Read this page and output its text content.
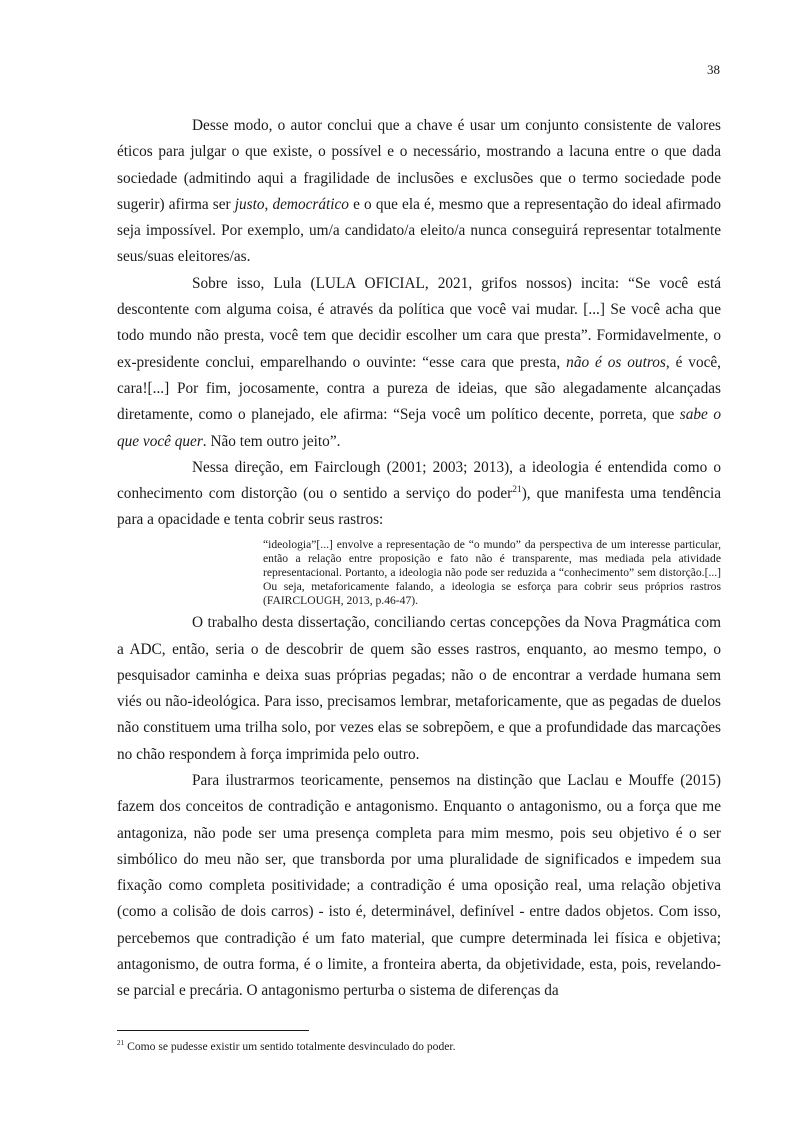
38

Desse modo, o autor conclui que a chave é usar um conjunto consistente de valores éticos para julgar o que existe, o possível e o necessário, mostrando a lacuna entre o que dada sociedade (admitindo aqui a fragilidade de inclusões e exclusões que o termo sociedade pode sugerir) afirma ser justo, democrático e o que ela é, mesmo que a representação do ideal afirmado seja impossível. Por exemplo, um/a candidato/a eleito/a nunca conseguirá representar totalmente seus/suas eleitores/as.

Sobre isso, Lula (LULA OFICIAL, 2021, grifos nossos) incita: “Se você está descontente com alguma coisa, é através da política que você vai mudar. [...] Se você acha que todo mundo não presta, você tem que decidir escolher um cara que presta”. Formidavelmente, o ex-presidente conclui, emparelhando o ouvinte: “esse cara que presta, não é os outros, é você, cara![...] Por fim, jocosamente, contra a pureza de ideias, que são alegadamente alcançadas diretamente, como o planejado, ele afirma: “Seja você um político decente, porreta, que sabe o que você quer. Não tem outro jeito”.

Nessa direção, em Fairclough (2001; 2003; 2013), a ideologia é entendida como o conhecimento com distorção (ou o sentido a serviço do poder$^{21}$), que manifesta uma tendência para a opacidade e tenta cobrir seus rastros:

“ideologia”[...] envolve a representação de “o mundo” da perspectiva de um interesse particular, então a relação entre proposição e fato não é transparente, mas mediada pela atividade representacional. Portanto, a ideologia não pode ser reduzida a “conhecimento” sem distorção.[...] Ou seja, metaforicamente falando, a ideologia se esforça para cobrir seus próprios rastros (FAIRCLOUGH, 2013, p.46-47).

O trabalho desta dissertação, conciliando certas concepções da Nova Pragmática com a ADC, então, seria o de descobrir de quem são esses rastros, enquanto, ao mesmo tempo, o pesquisador caminha e deixa suas próprias pegadas; não o de encontrar a verdade humana sem viés ou não-ideológica. Para isso, precisamos lembrar, metaforicamente, que as pegadas de duelos não constituem uma trilha solo, por vezes elas se sobrepõem, e que a profundidade das marcações no chão respondem à força imprimida pelo outro.

Para ilustrarmos teoricamente, pensemos na distinção que Laclau e Mouffe (2015) fazem dos conceitos de contradição e antagonismo. Enquanto o antagonismo, ou a força que me antagoniza, não pode ser uma presença completa para mim mesmo, pois seu objetivo é o ser simbólico do meu não ser, que transborda por uma pluralidade de significados e impedem sua fixação como completa positividade; a contradição é uma oposição real, uma relação objetiva (como a colisão de dois carros) - isto é, determinável, definível - entre dados objetos. Com isso, percebemos que contradição é um fato material, que cumpre determinada lei física e objetiva; antagonismo, de outra forma, é o limite, a fronteira aberta, da objetividade, esta, pois, revelando-se parcial e precária. O antagonismo perturba o sistema de diferenças da

$^{21}$ Como se pudesse existir um sentido totalmente desvinculado do poder.
